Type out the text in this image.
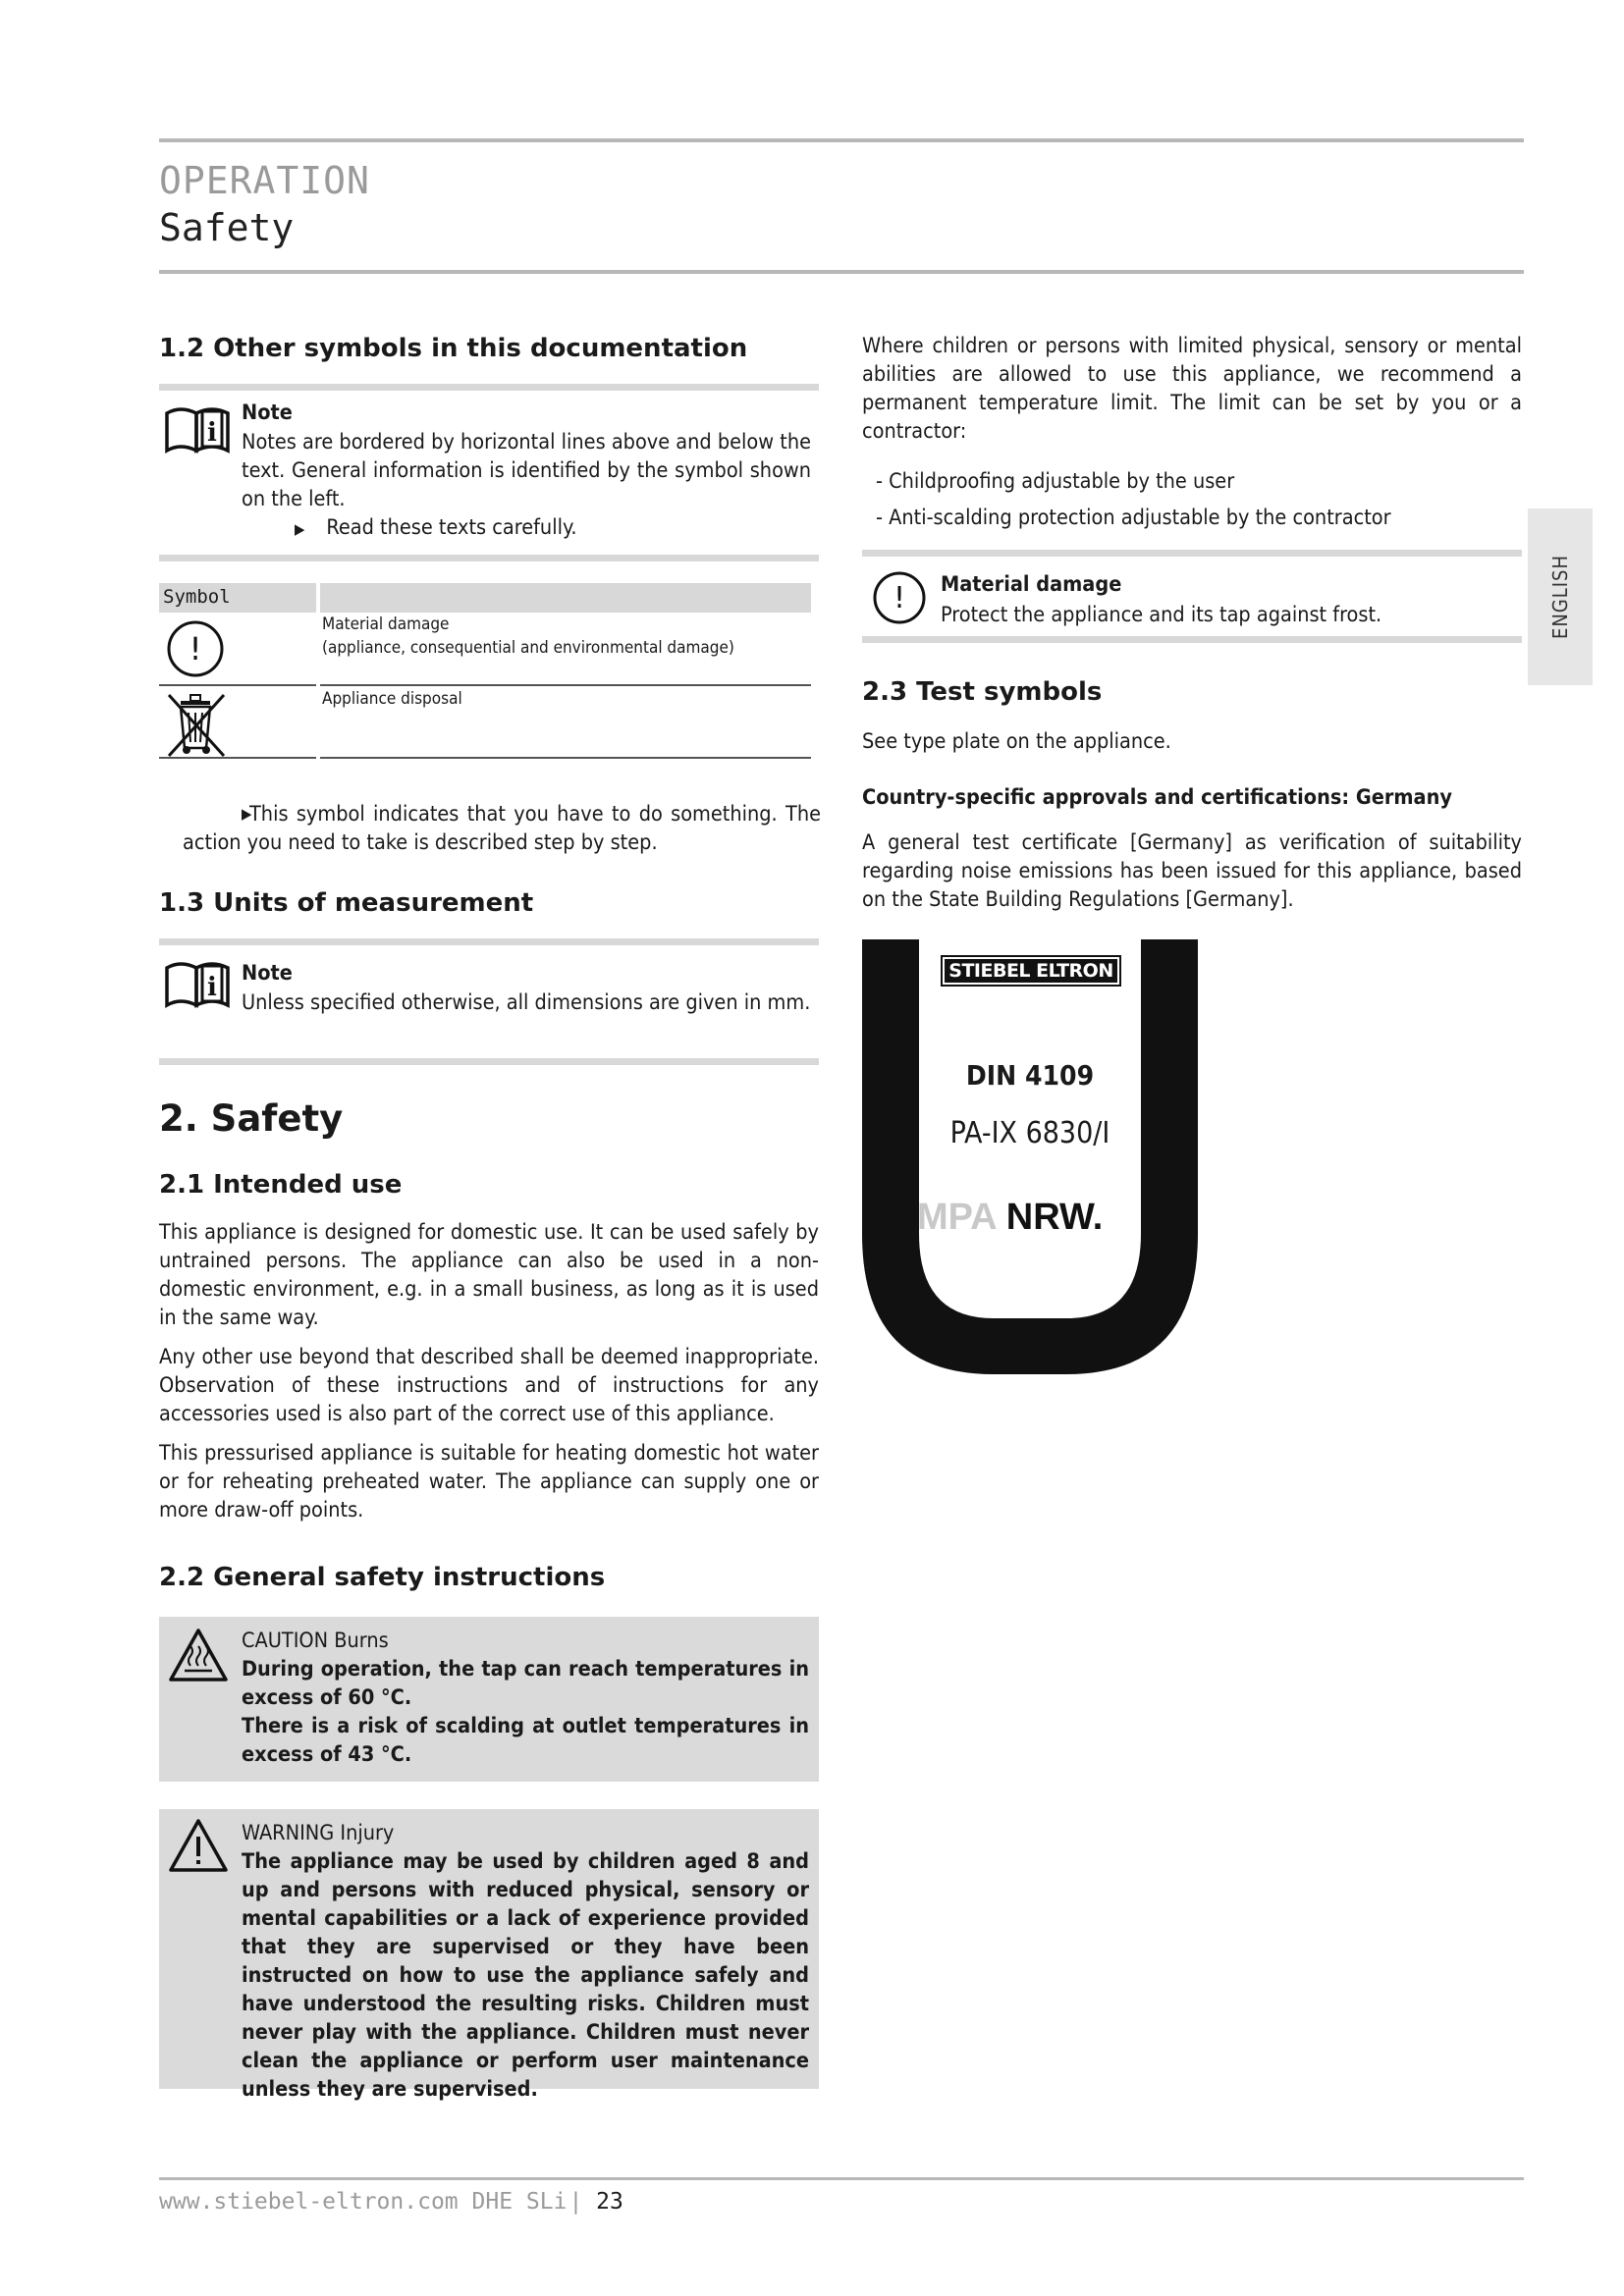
OPERATION
Safety
ENGLISH
1.2 Other symbols in this documentation
i
Note
Notes are bordered by horizontal lines above and below the text. General information is identified by the symbol shown on the left.
▶ Read these texts carefully.
Symbol
!
Material damage
(appliance, consequential and environmental damage)
Appliance disposal
▶
This symbol indicates that you have to do something. The action you need to take is described step by step.
1.3 Units of measurement
i Note
Unless specified otherwise, all dimensions are given in mm.
2. Safety
2.1 Intended use
This appliance is designed for domestic use. It can be used safely by untrained persons. The appliance can also be used in a non-domestic environment, e.g. in a small business, as long as it is used in the same way.
Any other use beyond that described shall be deemed inappropriate. Observation of these instructions and of instructions for any accessories used is also part of the correct use of this appliance.
This pressurised appliance is suitable for heating domestic hot water or for reheating preheated water. The appliance can supply one or more draw-off points.
2.2 General safety instructions
CAUTION Burns
During operation, the tap can reach temperatures in excess of 60 °C.
There is a risk of scalding at outlet temperatures in excess of 43 °C.
WARNING Injury
The appliance may be used by children aged 8 and up and persons with reduced physical, sensory or mental capabilities or a lack of experience provided that they are supervised or they have been instructed on how to use the appliance safely and have understood the resulting risks. Children must never play with the appliance. Children must never clean the appliance or perform user maintenance unless they are supervised.
Where children or persons with limited physical, sensory or mental abilities are allowed to use this appliance, we recommend a permanent temperature limit. The limit can be set by you or a contractor:
- Childproofing adjustable by the user
- Anti-scalding protection adjustable by the contractor
! Material damage
Protect the appliance and its tap against frost.
2.3 Test symbols
See type plate on the appliance.
Country-specific approvals and certifications: Germany
A general test certificate [Germany] as verification of suitability regarding noise emissions has been issued for this appliance, based on the State Building Regulations [Germany].
STIEBEL ELTRON
DIN 4109
PA-IX 6830/I
MPA NRW.
www.stiebel-eltron.com DHE SLi| 23
